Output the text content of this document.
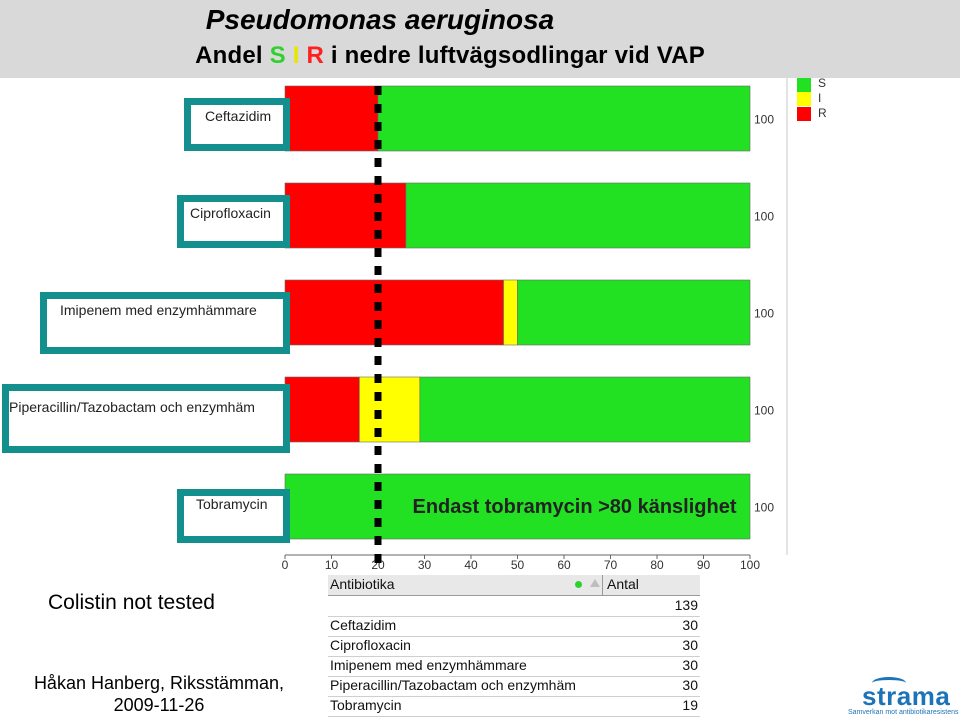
Pseudomonas aeruginosa
Andel S I R i nedre luftvägsodlingar vid VAP
100
100
100
100
100
0	10	20	30	40	50	60	70	80	90 100
S
I
R
Ceftazidim
Ciprofloxacin
Imipenem med enzymhämmare
Piperacillin/Tazobactam och enzymhäm
Tobramycin	Endast tobramycin >80 känslighet
Colistin not tested
Antibiotika	Antal
139
Ceftazidim	30
Ciprofloxacin	30
Imipenem med enzymhämmare	30
Piperacillin/Tazobactam och enzymhäm	30
Tobramycin	19
Håkan Hanberg, Riksstämman,
2009-11-26	strama
Samverkan mot antibiotikaresistens
